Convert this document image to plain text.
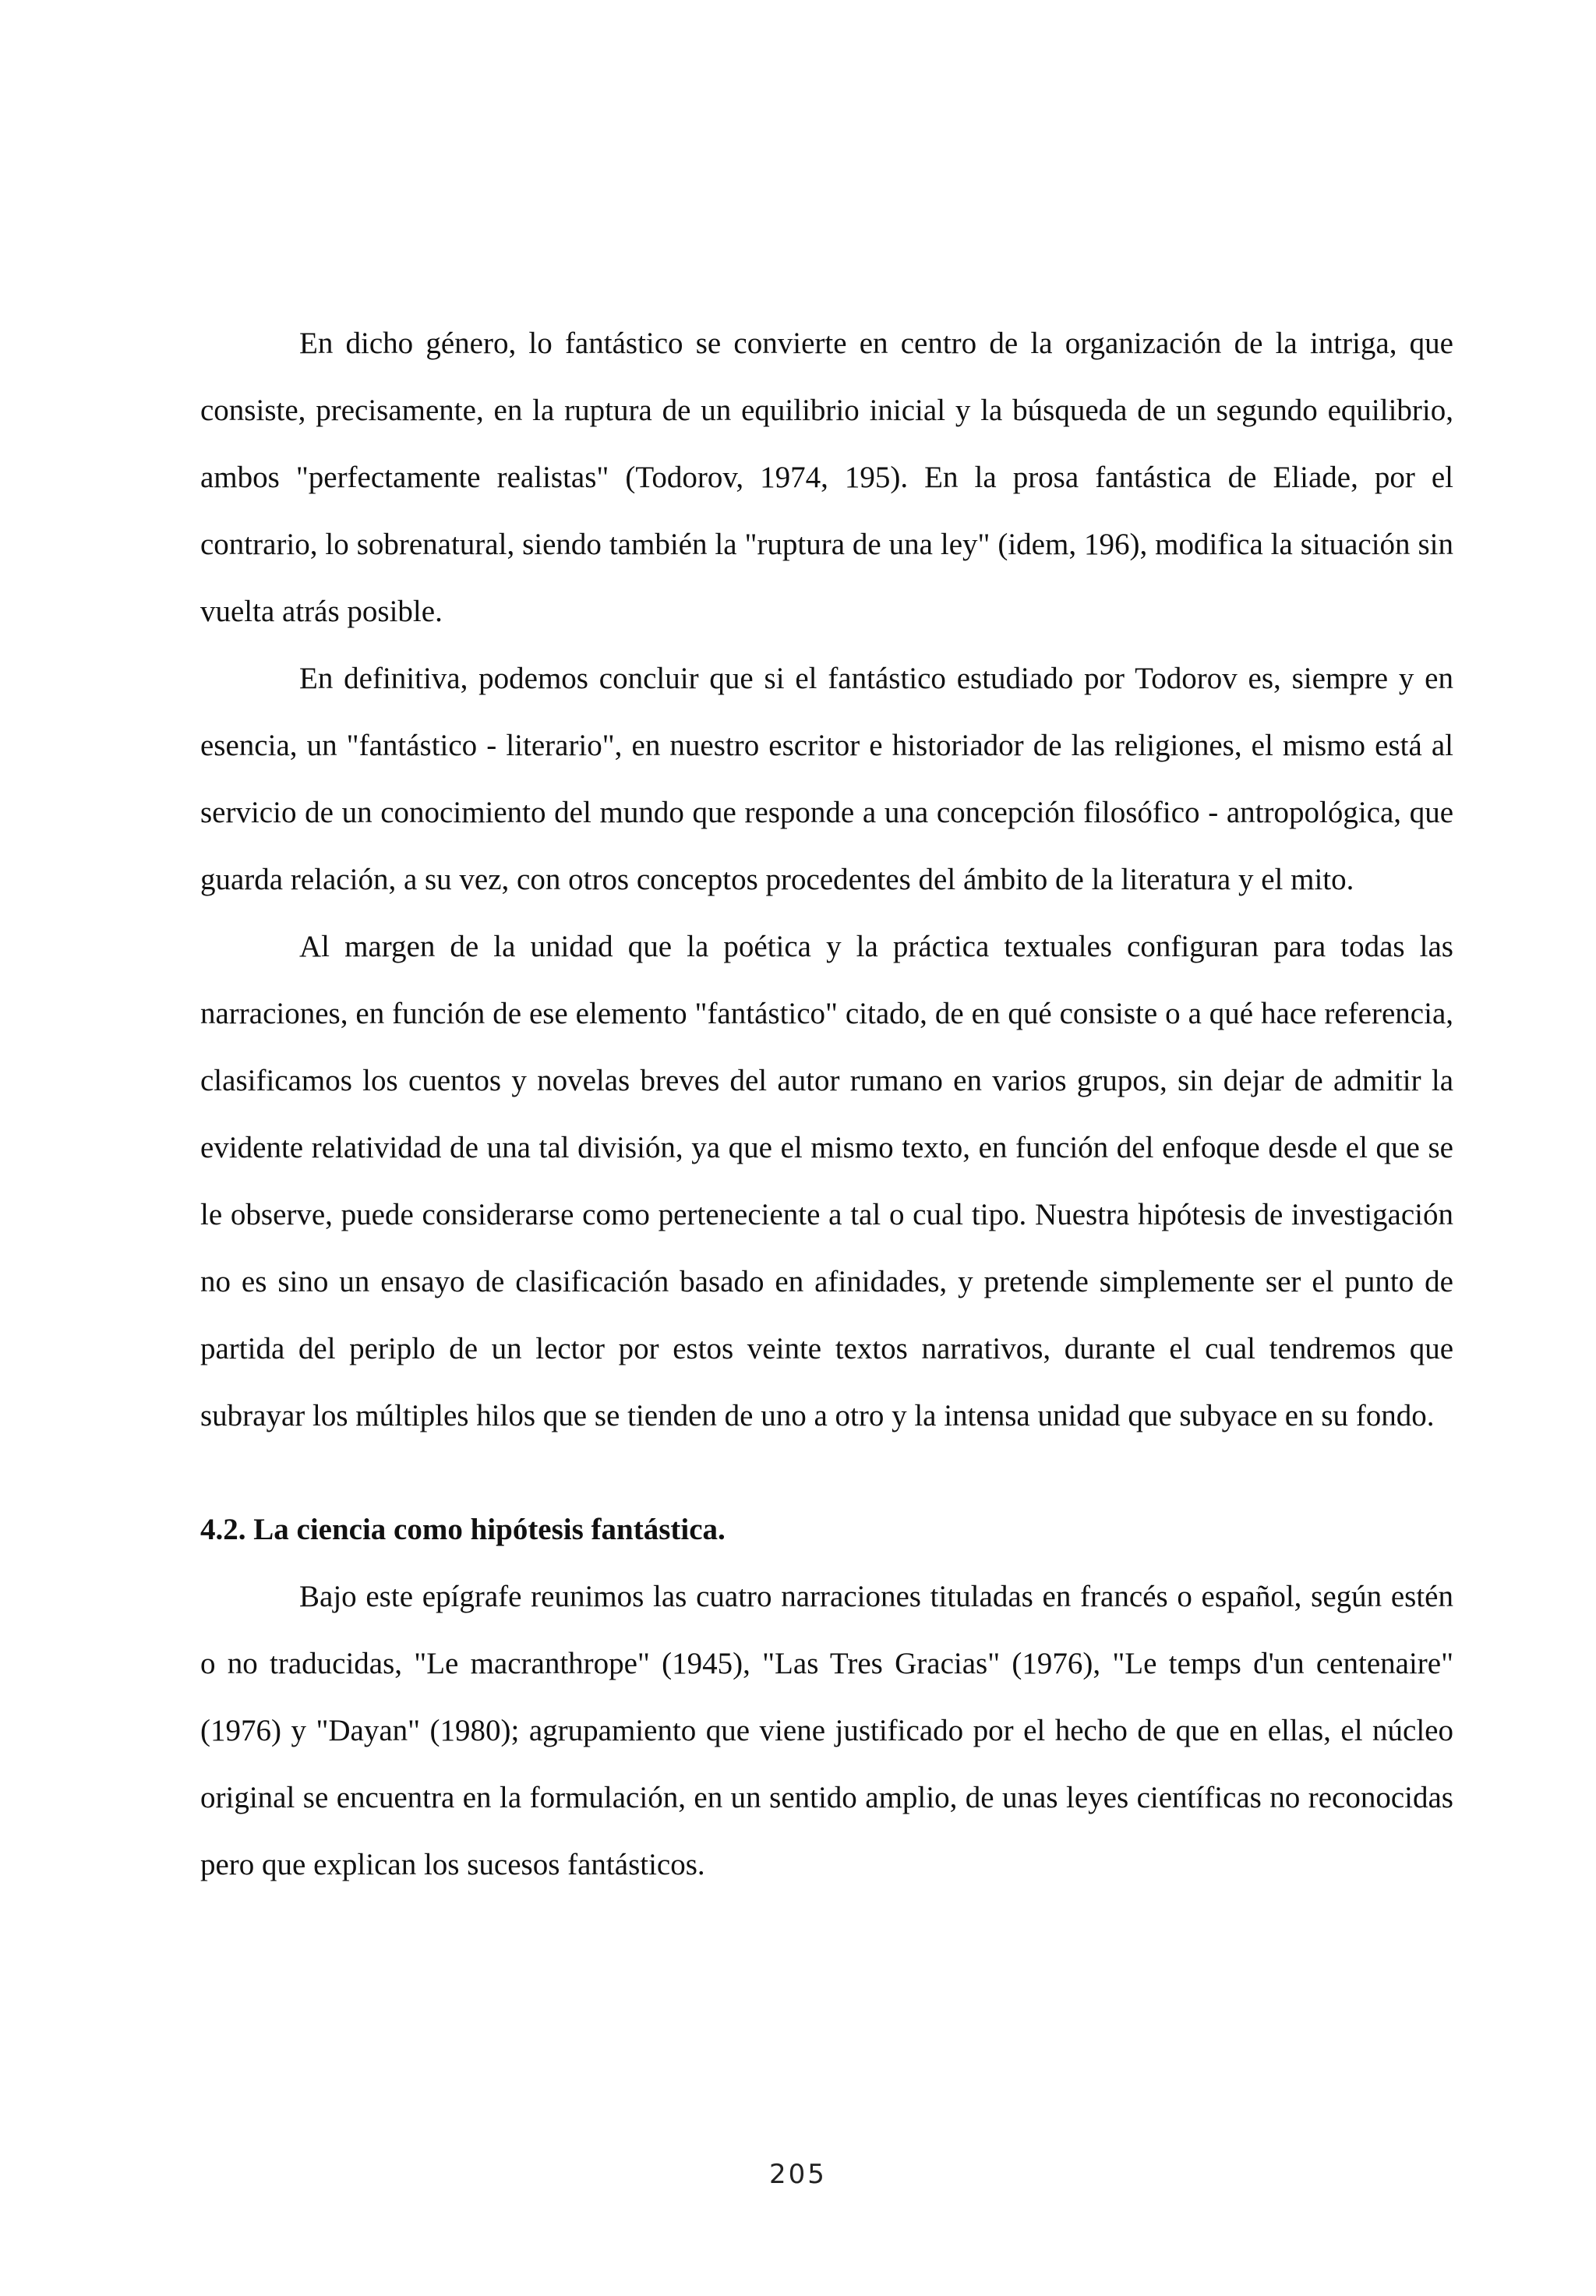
En dicho género, lo fantástico se convierte en centro de la organización de la intriga, que consiste, precisamente, en la ruptura de un equilibrio inicial y la búsqueda de un segundo equilibrio, ambos "perfectamente realistas" (Todorov, 1974, 195). En la prosa fantástica de Eliade, por el contrario, lo sobrenatural, siendo también la "ruptura de una ley" (idem, 196), modifica la situación sin vuelta atrás posible.

En definitiva, podemos concluir que si el fantástico estudiado por Todorov es, siempre y en esencia, un "fantástico - literario", en nuestro escritor e historiador de las religiones, el mismo está al servicio de un conocimiento del mundo que responde a una concepción filosófico - antropológica, que guarda relación, a su vez, con otros conceptos procedentes del ámbito de la literatura y el mito.

Al margen de la unidad que la poética y la práctica textuales configuran para todas las narraciones, en función de ese elemento "fantástico" citado, de en qué consiste o a qué hace referencia, clasificamos los cuentos y novelas breves del autor rumano en varios grupos, sin dejar de admitir la evidente relatividad de una tal división, ya que el mismo texto, en función del enfoque desde el que se le observe, puede considerarse como perteneciente a tal o cual tipo. Nuestra hipótesis de investigación no es sino un ensayo de clasificación basado en afinidades, y pretende simplemente ser el punto de partida del periplo de un lector por estos veinte textos narrativos, durante el cual tendremos que subrayar los múltiples hilos que se tienden de uno a otro y la intensa unidad que subyace en su fondo.

4.2. La ciencia como hipótesis fantástica.

Bajo este epígrafe reunimos las cuatro narraciones tituladas en francés o español, según estén o no traducidas, "Le macranthrope" (1945), "Las Tres Gracias" (1976), "Le temps d'un centenaire" (1976) y "Dayan" (1980); agrupamiento que viene justificado por el hecho de que en ellas, el núcleo original se encuentra en la formulación, en un sentido amplio, de unas leyes científicas no reconocidas pero que explican los sucesos fantásticos.

205
